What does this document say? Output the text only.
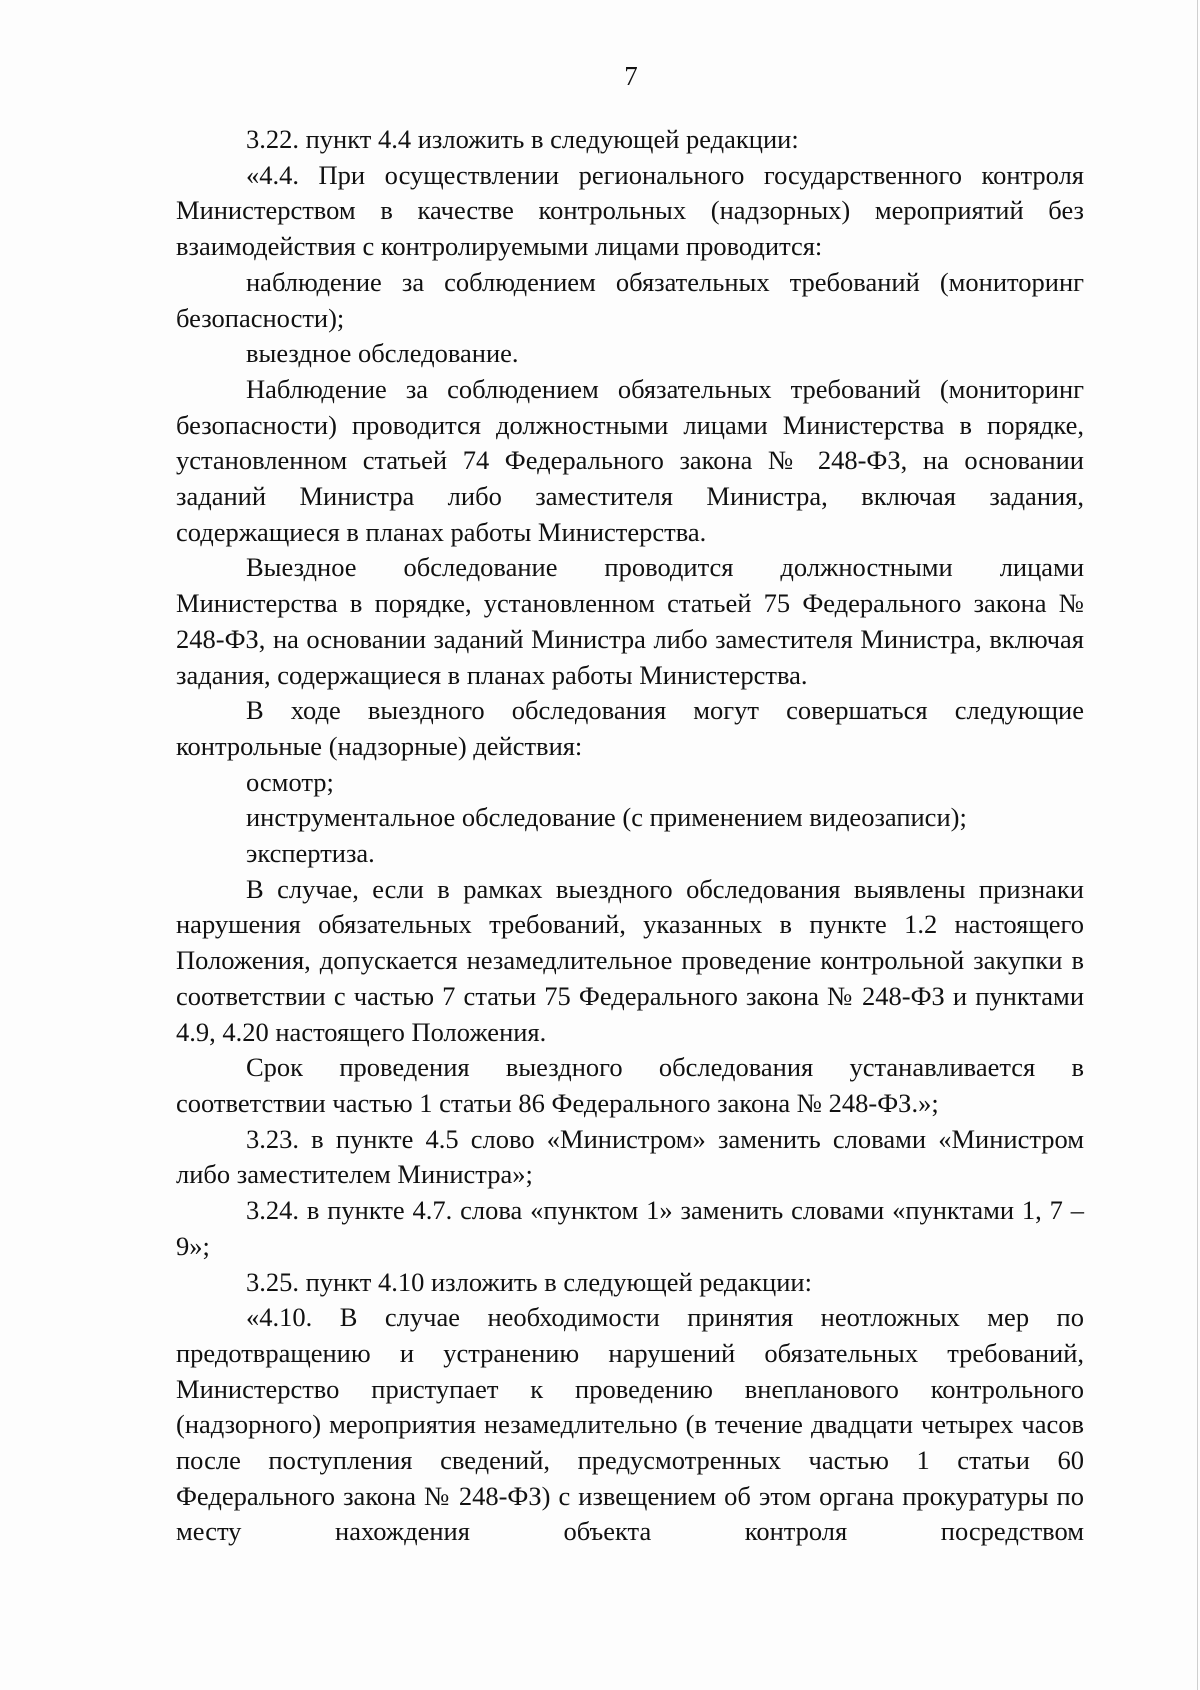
7

3.22. пункт 4.4 изложить в следующей редакции:

«4.4. При осуществлении регионального государственного контроля Министерством в качестве контрольных (надзорных) мероприятий без взаимодействия с контролируемыми лицами проводится:

наблюдение за соблюдением обязательных требований (мониторинг безопасности);

выездное обследование.

Наблюдение за соблюдением обязательных требований (мониторинг безопасности) проводится должностными лицами Министерства в порядке, установленном статьей 74 Федерального закона № 248-ФЗ, на основании заданий Министра либо заместителя Министра, включая задания, содержащиеся в планах работы Министерства.

Выездное обследование проводится должностными лицами Министерства в порядке, установленном статьей 75 Федерального закона № 248-ФЗ, на основании заданий Министра либо заместителя Министра, включая задания, содержащиеся в планах работы Министерства.

В ходе выездного обследования могут совершаться следующие контрольные (надзорные) действия:

осмотр;

инструментальное обследование (с применением видеозаписи);

экспертиза.

В случае, если в рамках выездного обследования выявлены признаки нарушения обязательных требований, указанных в пункте 1.2 настоящего Положения, допускается незамедлительное проведение контрольной закупки в соответствии с частью 7 статьи 75 Федерального закона № 248-ФЗ и пунктами 4.9, 4.20 настоящего Положения.

Срок проведения выездного обследования устанавливается в соответствии частью 1 статьи 86 Федерального закона № 248-ФЗ.»;

3.23. в пункте 4.5 слово «Министром» заменить словами «Министром либо заместителем Министра»;

3.24. в пункте 4.7. слова «пунктом 1» заменить словами «пунктами 1, 7 – 9»;

3.25. пункт 4.10 изложить в следующей редакции:

«4.10. В случае необходимости принятия неотложных мер по предотвращению и устранению нарушений обязательных требований, Министерство приступает к проведению внепланового контрольного (надзорного) мероприятия незамедлительно (в течение двадцати четырех часов после поступления сведений, предусмотренных частью 1 статьи 60 Федерального закона № 248-ФЗ) с извещением об этом органа прокуратуры по месту нахождения объекта контроля посредством
